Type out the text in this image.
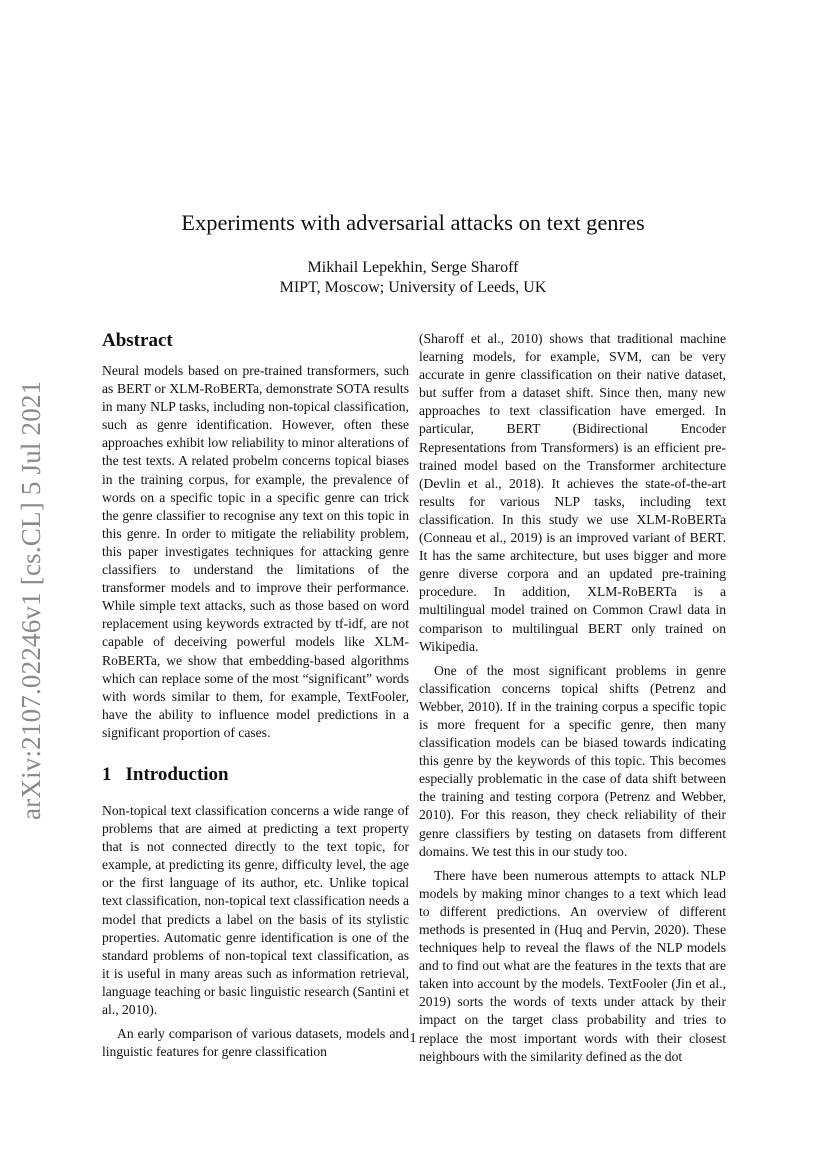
arXiv:2107.02246v1 [cs.CL] 5 Jul 2021
Experiments with adversarial attacks on text genres
Mikhail Lepekhin, Serge Sharoff
MIPT, Moscow; University of Leeds, UK
Abstract

Neural models based on pre-trained transformers, such as BERT or XLM-RoBERTa, demonstrate SOTA results in many NLP tasks, including non-topical classification, such as genre identification. However, often these approaches exhibit low reliability to minor alterations of the test texts. A related probelm concerns topical biases in the training corpus, for example, the prevalence of words on a specific topic in a specific genre can trick the genre classifier to recognise any text on this topic in this genre. In order to mitigate the reliability problem, this paper investigates techniques for attacking genre classifiers to understand the limitations of the transformer models and to improve their performance. While simple text attacks, such as those based on word replacement using keywords extracted by tf-idf, are not capable of deceiving powerful models like XLM-RoBERTa, we show that embedding-based algorithms which can replace some of the most “significant” words with words similar to them, for example, TextFooler, have the ability to influence model predictions in a significant proportion of cases.

1 Introduction

Non-topical text classification concerns a wide range of problems that are aimed at predicting a text property that is not connected directly to the text topic, for example, at predicting its genre, difficulty level, the age or the first language of its author, etc. Unlike topical text classification, non-topical text classification needs a model that predicts a label on the basis of its stylistic properties. Automatic genre identification is one of the standard problems of non-topical text classification, as it is useful in many areas such as information retrieval, language teaching or basic linguistic research (Santini et al., 2010).

An early comparison of various datasets, models and linguistic features for genre classification

(Sharoff et al., 2010) shows that traditional machine learning models, for example, SVM, can be very accurate in genre classification on their native dataset, but suffer from a dataset shift. Since then, many new approaches to text classification have emerged. In particular, BERT (Bidirectional Encoder Representations from Transformers) is an efficient pre-trained model based on the Transformer architecture (Devlin et al., 2018). It achieves the state-of-the-art results for various NLP tasks, including text classification. In this study we use XLM-RoBERTa (Conneau et al., 2019) is an improved variant of BERT. It has the same architecture, but uses bigger and more genre diverse corpora and an updated pre-training procedure. In addition, XLM-RoBERTa is a multilingual model trained on Common Crawl data in comparison to multilingual BERT only trained on Wikipedia.

One of the most significant problems in genre classification concerns topical shifts (Petrenz and Webber, 2010). If in the training corpus a specific topic is more frequent for a specific genre, then many classification models can be biased towards indicating this genre by the keywords of this topic. This becomes especially problematic in the case of data shift between the training and testing corpora (Petrenz and Webber, 2010). For this reason, they check reliability of their genre classifiers by testing on datasets from different domains. We test this in our study too.

There have been numerous attempts to attack NLP models by making minor changes to a text which lead to different predictions. An overview of different methods is presented in (Huq and Pervin, 2020). These techniques help to reveal the flaws of the NLP models and to find out what are the features in the texts that are taken into account by the models. TextFooler (Jin et al., 2019) sorts the words of texts under attack by their impact on the target class probability and tries to replace the most important words with their closest neighbours with the similarity defined as the dot

1
